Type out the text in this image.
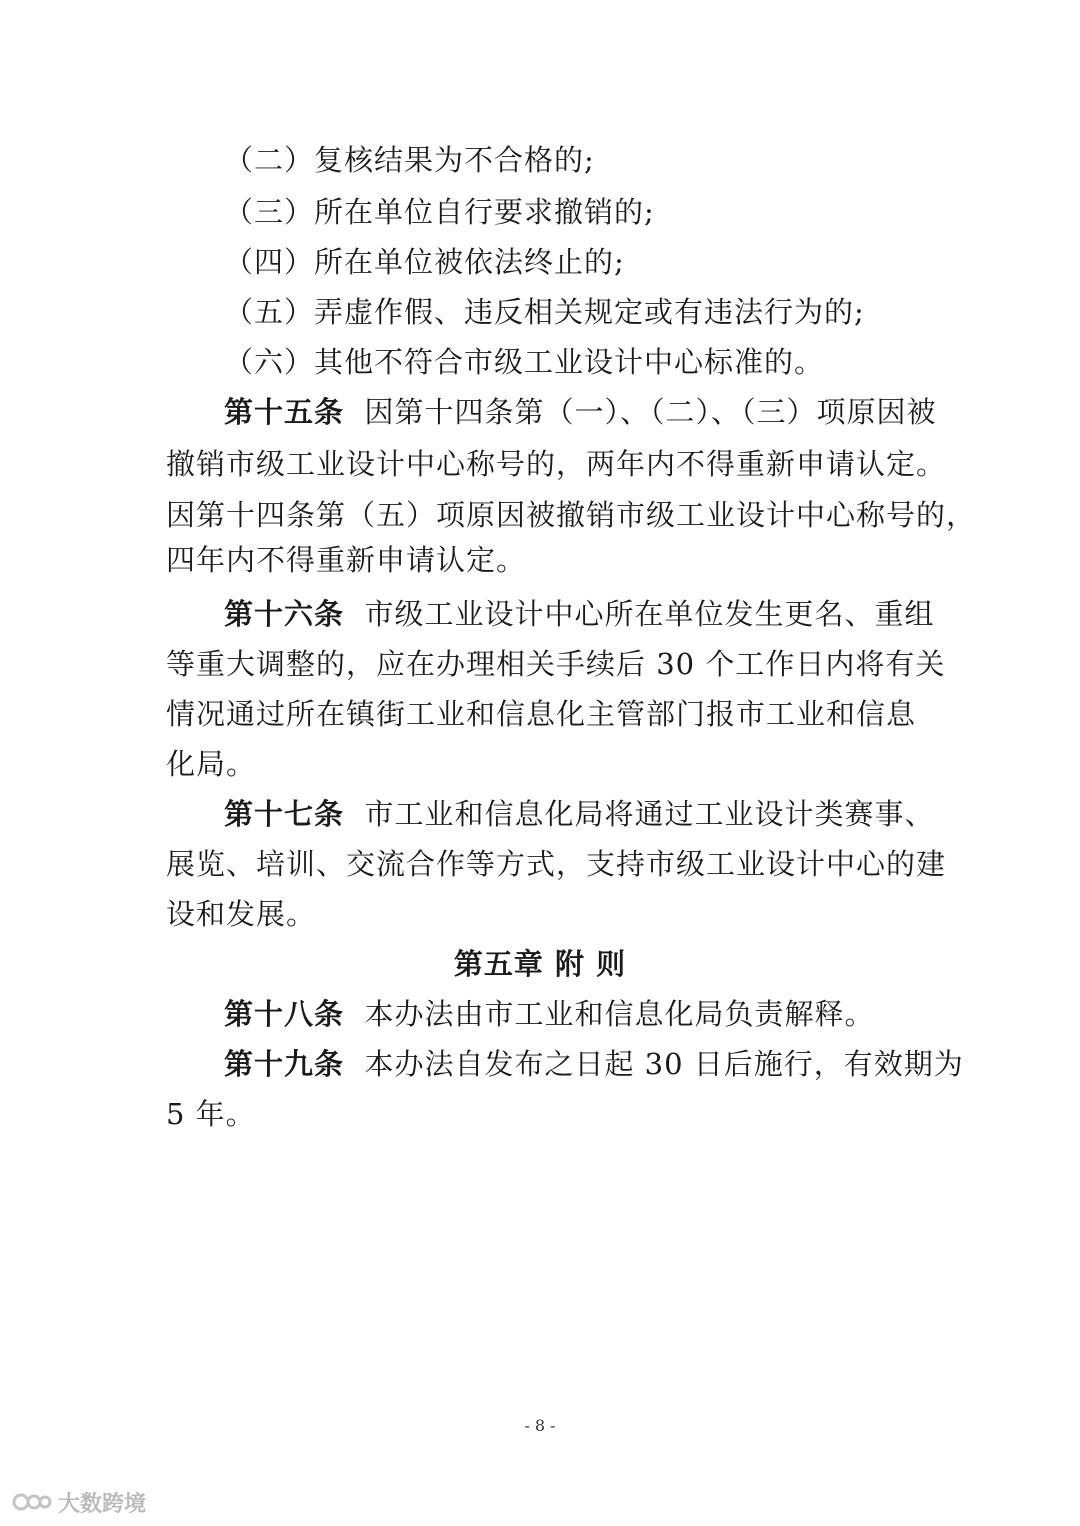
（二）复核结果为不合格的;
（三）所在单位自行要求撤销的;
（四）所在单位被依法终止的;
（五）弄虚作假、违反相关规定或有违法行为的;
（六）其他不符合市级工业设计中心标准的。
第十五条 因第十四条第（一）、（二）、（三）项原因被
撤销市级工业设计中心称号的，两年内不得重新申请认定。
因第十四条第（五）项原因被撤销市级工业设计中心称号的，
四年内不得重新申请认定。
第十六条 市级工业设计中心所在单位发生更名、重组
等重大调整的，应在办理相关手续后 30 个工作日内将有关
情况通过所在镇街工业和信息化主管部门报市工业和信息
化局。
第十七条 市工业和信息化局将通过工业设计类赛事、
展览、培训、交流合作等方式，支持市级工业设计中心的建
设和发展。
第五章 附 则
第十八条 本办法由市工业和信息化局负责解释。
第十九条 本办法自发布之日起 30 日后施行，有效期为
5 年。
- 8 -
大数跨境
